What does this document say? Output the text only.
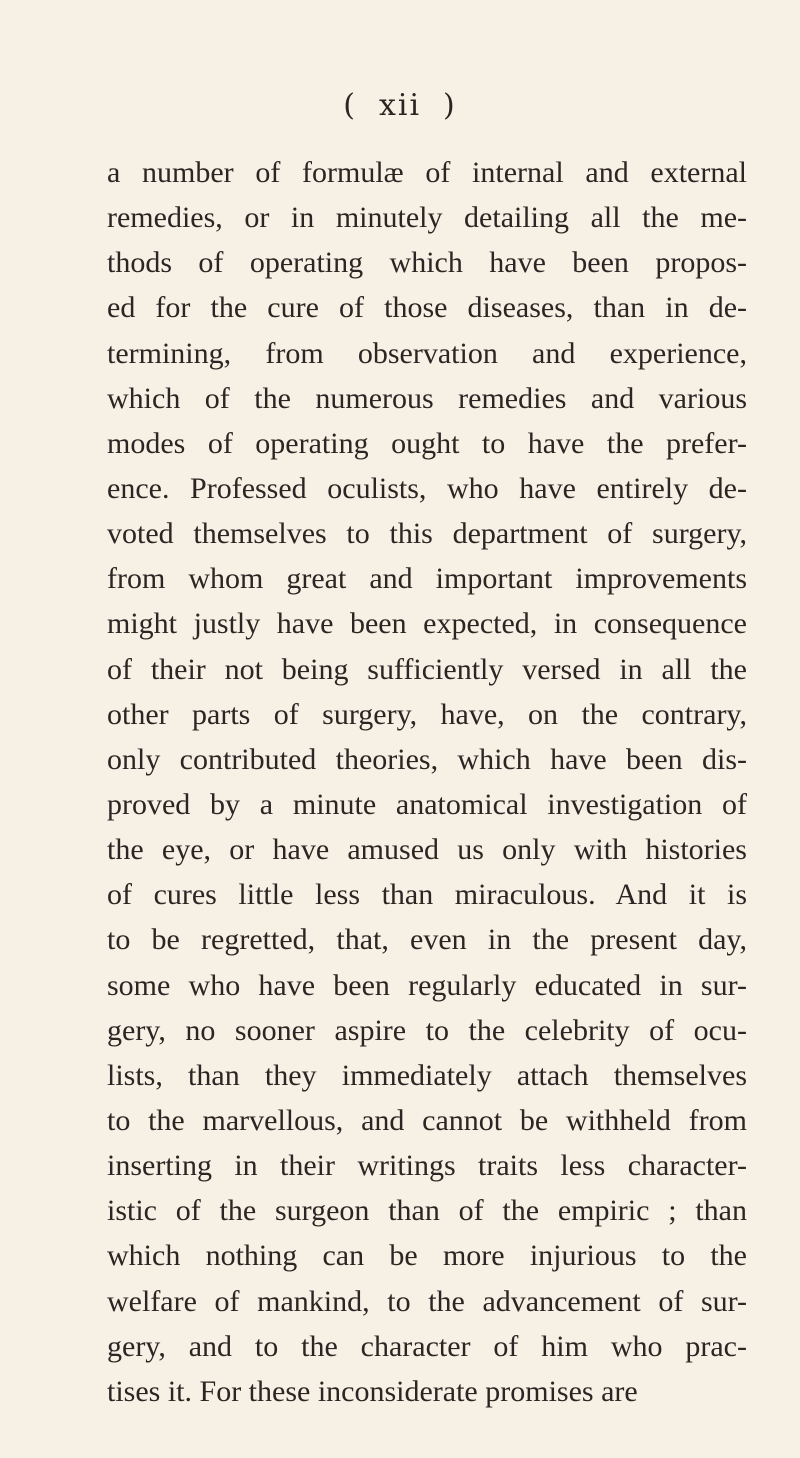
( xii )
a number of formulæ of internal and external
remedies, or in minutely detailing all the me-
thods of operating which have been propos-
ed for the cure of those diseases, than in de-
termining, from observation and experience,
which of the numerous remedies and various
modes of operating ought to have the prefer-
ence. Professed oculists, who have entirely de-
voted themselves to this department of surgery,
from whom great and important improvements
might justly have been expected, in consequence
of their not being sufficiently versed in all the
other parts of surgery, have, on the contrary,
only contributed theories, which have been dis-
proved by a minute anatomical investigation of
the eye, or have amused us only with histories
of cures little less than miraculous. And it is
to be regretted, that, even in the present day,
some who have been regularly educated in sur-
gery, no sooner aspire to the celebrity of ocu-
lists, than they immediately attach themselves
to the marvellous, and cannot be withheld from
inserting in their writings traits less character-
istic of the surgeon than of the empiric ; than
which nothing can be more injurious to the
welfare of mankind, to the advancement of sur-
gery, and to the character of him who prac-
tises it. For these inconsiderate promises are
